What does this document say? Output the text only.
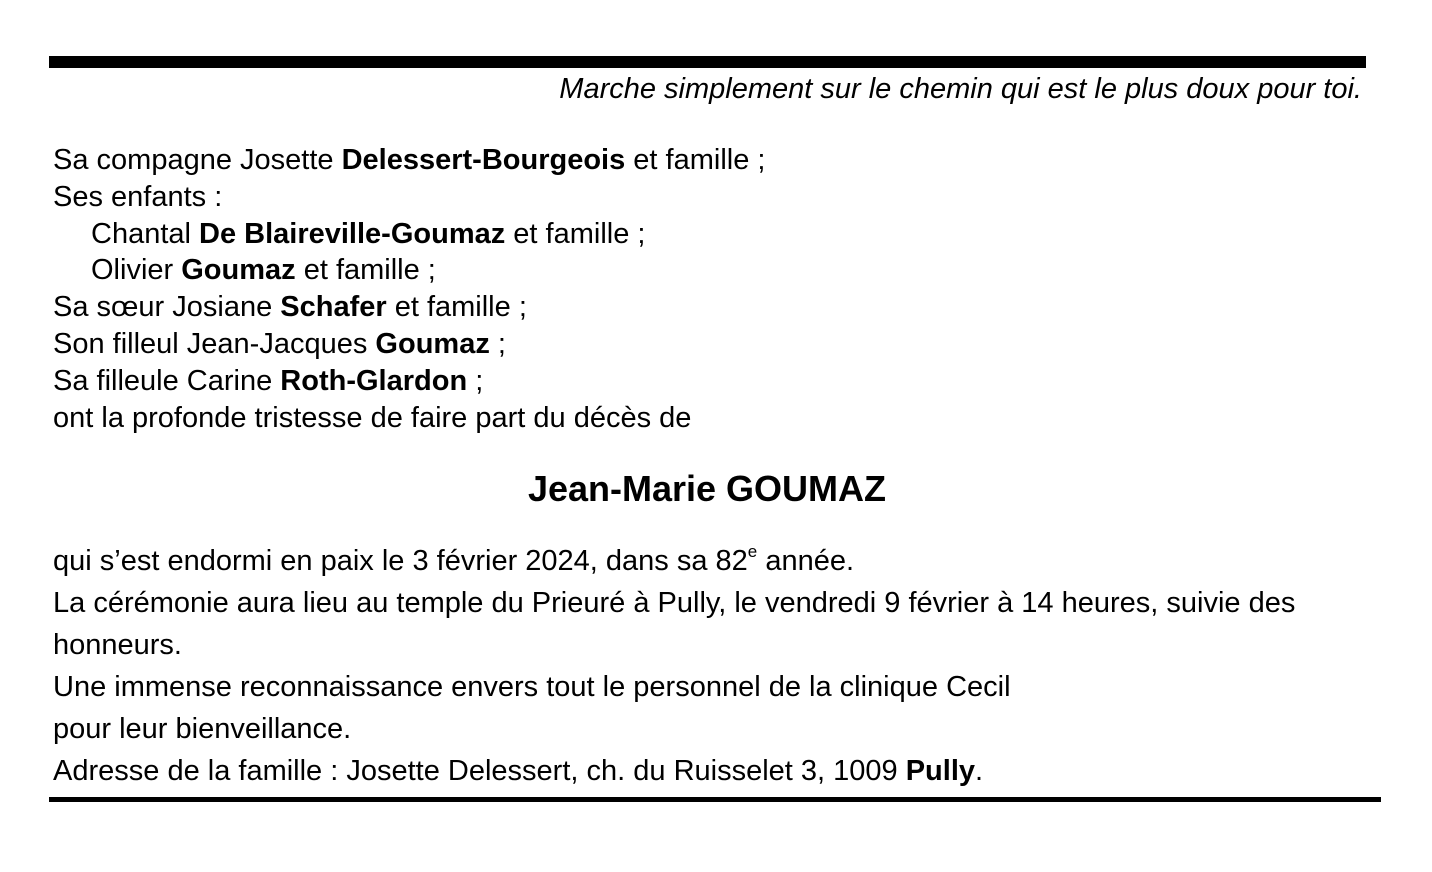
Marche simplement sur le chemin qui est le plus doux pour toi.
Sa compagne Josette Delessert-Bourgeois et famille ;
Ses enfants :
Chantal De Blaireville-Goumaz et famille ;
Olivier Goumaz et famille ;
Sa sœur Josiane Schafer et famille ;
Son filleul Jean-Jacques Goumaz ;
Sa filleule Carine Roth-Glardon ;
ont la profonde tristesse de faire part du décès de
Jean-Marie GOUMAZ
qui s’est endormi en paix le 3 février 2024, dans sa 82e année.
La cérémonie aura lieu au temple du Prieuré à Pully, le vendredi 9 février à 14 heures, suivie des honneurs.
Une immense reconnaissance envers tout le personnel de la clinique Cecil
pour leur bienveillance.
Adresse de la famille : Josette Delessert, ch. du Ruisselet 3, 1009 Pully.
